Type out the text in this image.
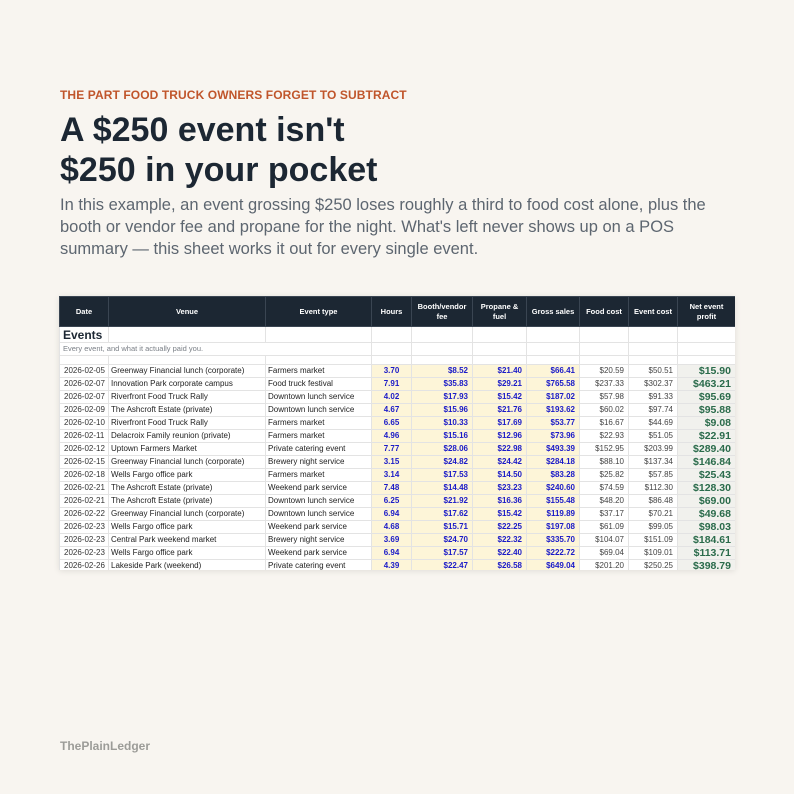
THE PART FOOD TRUCK OWNERS FORGET TO SUBTRACT
A $250 event isn't
$250 in your pocket

In this example, an event grossing $250 loses roughly a third to food cost alone, plus the booth or vendor fee and propane for the night. What's left never shows up on a POS summary — this sheet works it out for every single event.

Events									
Every event, and what it actually paid you.									

Date	Venue	Event type	Hours	Booth/vendor fee	Propane & fuel	Gross sales	Food cost	Event cost	Net event profit
2026-02-05	Greenway Financial lunch (corporate)	Farmers market	3.70	$8.52	$21.40	$66.41	$20.59	$50.51	$15.90
2026-02-07	Innovation Park corporate campus	Food truck festival	7.91	$35.83	$29.21	$765.58	$237.33	$302.37	$463.21
2026-02-07	Riverfront Food Truck Rally	Downtown lunch service	4.02	$17.93	$15.42	$187.02	$57.98	$91.33	$95.69
2026-02-09	The Ashcroft Estate (private)	Downtown lunch service	4.67	$15.96	$21.76	$193.62	$60.02	$97.74	$95.88
2026-02-10	Riverfront Food Truck Rally	Farmers market	6.65	$10.33	$17.69	$53.77	$16.67	$44.69	$9.08
2026-02-11	Delacroix Family reunion (private)	Farmers market	4.96	$15.16	$12.96	$73.96	$22.93	$51.05	$22.91
2026-02-12	Uptown Farmers Market	Private catering event	7.77	$28.06	$22.98	$493.39	$152.95	$203.99	$289.40
2026-02-15	Greenway Financial lunch (corporate)	Brewery night service	3.15	$24.82	$24.42	$284.18	$88.10	$137.34	$146.84
2026-02-18	Wells Fargo office park	Farmers market	3.14	$17.53	$14.50	$83.28	$25.82	$57.85	$25.43
2026-02-21	The Ashcroft Estate (private)	Weekend park service	7.48	$14.48	$23.23	$240.60	$74.59	$112.30	$128.30
2026-02-21	The Ashcroft Estate (private)	Downtown lunch service	6.25	$21.92	$16.36	$155.48	$48.20	$86.48	$69.00
2026-02-22	Greenway Financial lunch (corporate)	Downtown lunch service	6.94	$17.62	$15.42	$119.89	$37.17	$70.21	$49.68
2026-02-23	Wells Fargo office park	Weekend park service	4.68	$15.71	$22.25	$197.08	$61.09	$99.05	$98.03
2026-02-23	Central Park weekend market	Brewery night service	3.69	$24.70	$22.32	$335.70	$104.07	$151.09	$184.61
2026-02-23	Wells Fargo office park	Weekend park service	6.94	$17.57	$22.40	$222.72	$69.04	$109.01	$113.71
2026-02-26	Lakeside Park (weekend)	Private catering event	4.39	$22.47	$26.58	$649.04	$201.20	$250.25	$398.79
ThePlainLedger
